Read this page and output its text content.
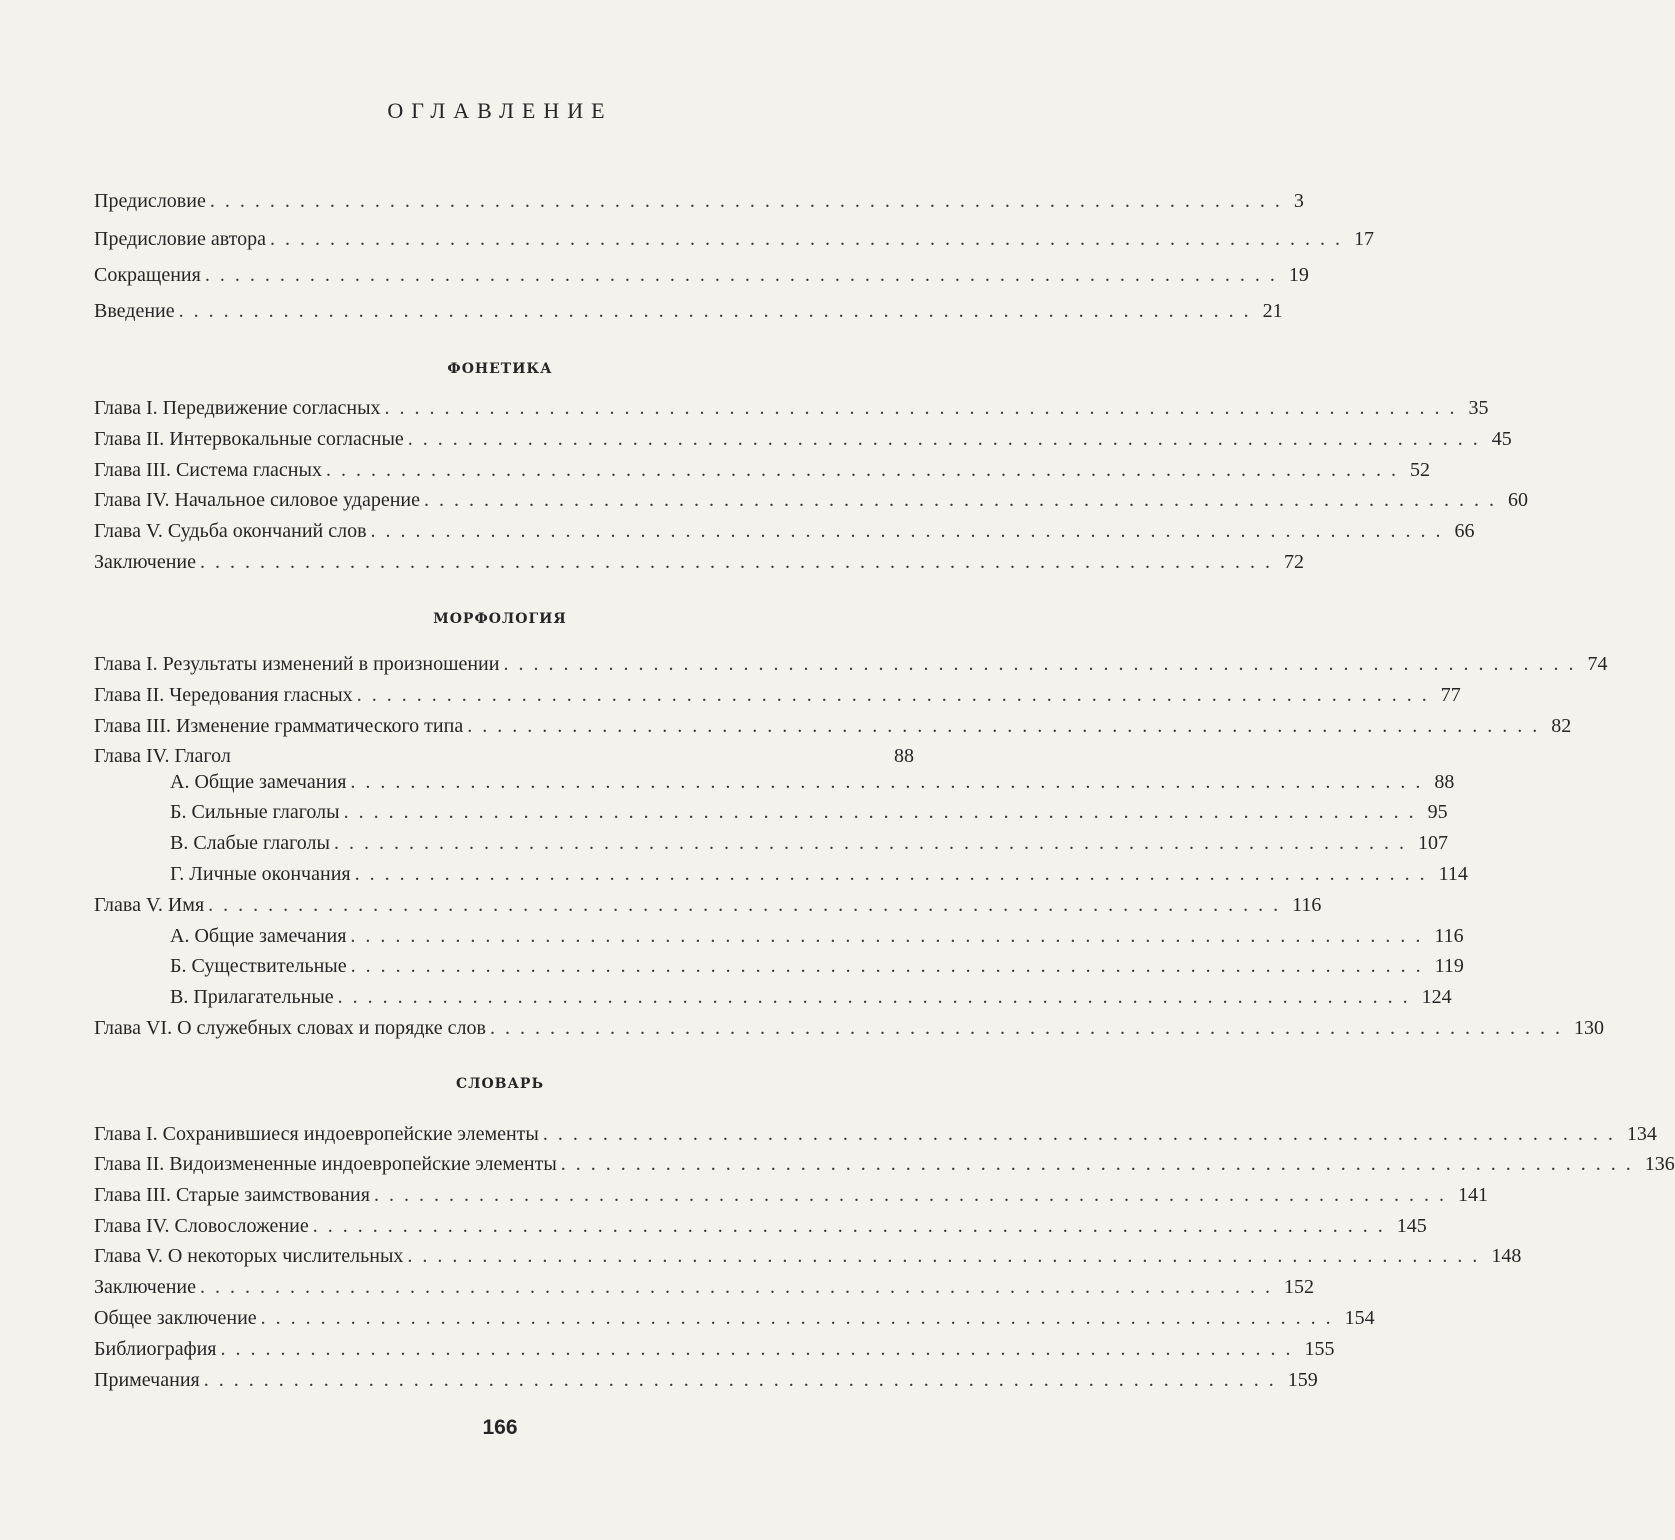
ОГЛАВЛЕНИЕ
Предисловие ........................................................................ 3
Предисловие автора ........................................................................ 17
Сокращения ........................................................................ 19
Введение ........................................................................ 21
ФОНЕТИКА
Глава I. Передвижение согласных ........................................................................ 35
Глава II. Интервокальные согласные ........................................................................ 45
Глава III. Система гласных ........................................................................ 52
Глава IV. Начальное силовое ударение ........................................................................ 60
Глава V. Судьба окончаний слов ........................................................................ 66
Заключение ........................................................................ 72
МОРФОЛОГИЯ
Глава I. Результаты изменений в произношении ........................................................................ 74
Глава II. Чередования гласных ........................................................................ 77
Глава III. Изменение грамматического типа ........................................................................ 82
Глава IV. Глагол	88
А. Общие замечания ........................................................................ 88
Б. Сильные глаголы ........................................................................ 95
В. Слабые глаголы ........................................................................ 107
Г. Личные окончания ........................................................................ 114
Глава V. Имя ........................................................................ 116
А. Общие замечания ........................................................................ 116
Б. Существительные ........................................................................ 119
В. Прилагательные ........................................................................ 124
Глава VI. О служебных словах и порядке слов ........................................................................ 130
СЛОВАРЬ
Глава I. Сохранившиеся индоевропейские элементы ........................................................................ 134
Глава II. Видоизмененные индоевропейские элементы ........................................................................ 136
Глава III. Старые заимствования ........................................................................ 141
Глава IV. Словосложение ........................................................................ 145
Глава V. О некоторых числительных ........................................................................ 148
Заключение ........................................................................ 152
Общее заключение ........................................................................ 154
Библиография ........................................................................ 155
Примечания ........................................................................ 159
166
